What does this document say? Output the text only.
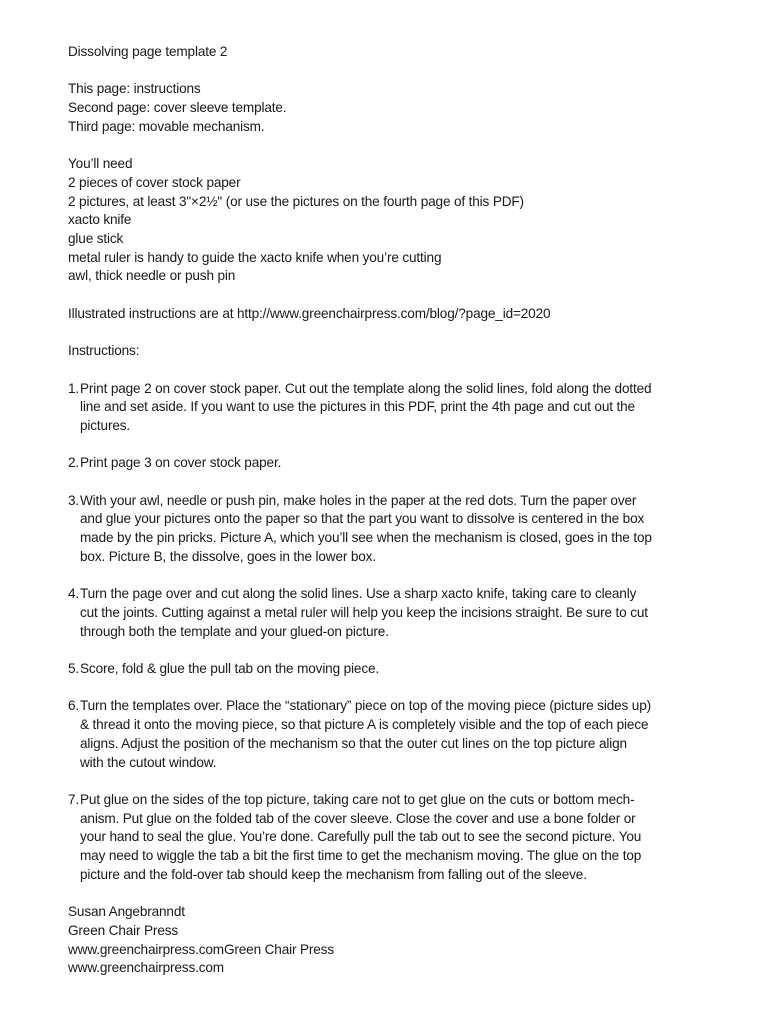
Dissolving page template 2
This page: instructions
Second page: cover sleeve template.
Third page: movable mechanism.
You’ll need
2 pieces of cover stock paper
2 pictures, at least 3"×2½" (or use the pictures on the fourth page of this PDF)
xacto knife
glue stick
metal ruler is handy to guide the xacto knife when you’re cutting
awl, thick needle or push pin
Illustrated instructions are at http://www.greenchairpress.com/blog/?page_id=2020
Instructions:
1. Print page 2 on cover stock paper. Cut out the template along the solid lines, fold along the dotted
line and set aside. If you want to use the pictures in this PDF, print the 4th page and cut out the
pictures.
2. Print page 3 on cover stock paper.
3. With your awl, needle or push pin, make holes in the paper at the red dots. Turn the paper over
and glue your pictures onto the paper so that the part you want to dissolve is centered in the box
made by the pin pricks. Picture A, which you’ll see when the mechanism is closed, goes in the top
box. Picture B, the dissolve, goes in the lower box.
4. Turn the page over and cut along the solid lines. Use a sharp xacto knife, taking care to cleanly
cut the joints. Cutting against a metal ruler will help you keep the incisions straight. Be sure to cut
through both the template and your glued-on picture.
5. Score, fold & glue the pull tab on the moving piece.
6. Turn the templates over. Place the “stationary” piece on top of the moving piece (picture sides up)
& thread it onto the moving piece, so that picture A is completely visible and the top of each piece
aligns. Adjust the position of the mechanism so that the outer cut lines on the top picture align
with the cutout window.
7. Put glue on the sides of the top picture, taking care not to get glue on the cuts or bottom mech-
anism. Put glue on the folded tab of the cover sleeve. Close the cover and use a bone folder or
your hand to seal the glue. You’re done. Carefully pull the tab out to see the second picture. You
may need to wiggle the tab a bit the first time to get the mechanism moving. The glue on the top
picture and the fold-over tab should keep the mechanism from falling out of the sleeve.
Susan Angebranndt
Green Chair Press
www.greenchairpress.comGreen Chair Press
www.greenchairpress.com
